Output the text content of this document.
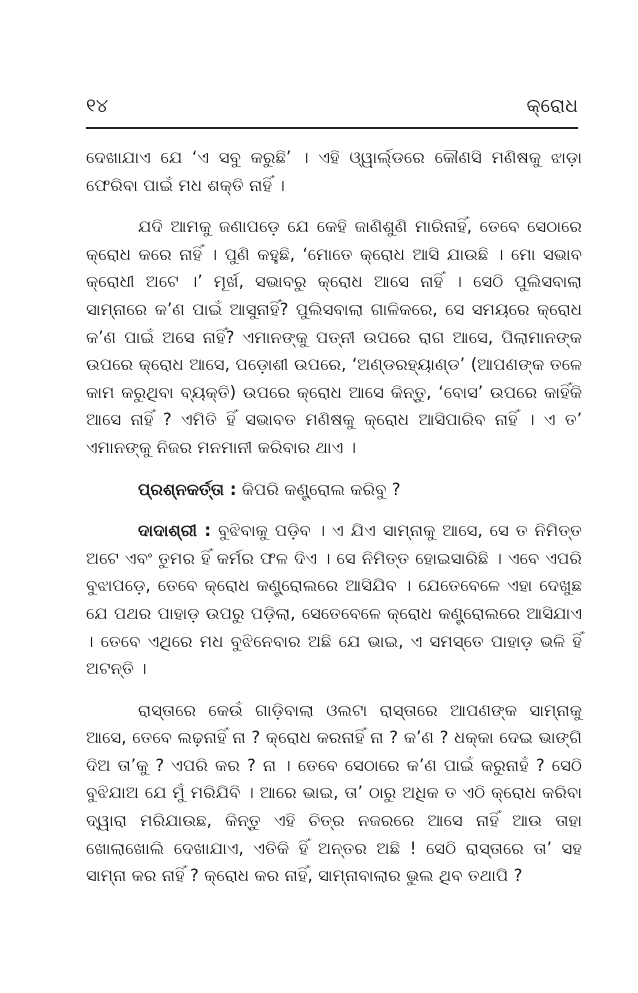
୧୪	କ୍ରୋଧ

ଦେଖାଯାଏ ଯେ ‘ଏ ସବୁ କରୁଛି’ । ଏହି ଓ୍ୱାର୍ଲ୍ଡରେ କୌଣସି ମଣିଷକୁ ଝାଡ଼ା ଫେରିବା ପାଇଁ ମଧ ଶକ୍ତି ନାହିଁ ।

ଯଦି ଆମକୁ ଜଣାପଡ଼େ ଯେ କେହି ଜାଣିଶୁଣି ମାରିନାହିଁ, ତେବେ ସେଠାରେ କ୍ରୋଧ କରେ ନାହିଁ । ପୁଣି କହୁଛି, ‘ମୋତେ କ୍ରୋଧ ଆସି ଯାଉଛି । ମୋ ସଭାବ କ୍ରୋଧୀ ଅଟେ ।’ ମୂର୍ଖ, ସଭାବରୁ କ୍ରୋଧ ଆସେ ନାହିଁ । ସେଠି ପୁଲିସବାଲା ସାମ୍ନାରେ କ’ଣ ପାଇଁ ଆସୁନାହିଁ? ପୁଲିସବାଲା ଗାଳିକରେ, ସେ ସମୟରେ କ୍ରୋଧ କ’ଣ ପାଇଁ ଅସେ ନାହିଁ? ଏମାନଙ୍କୁ ପତ୍ନୀ ଉପରେ ରାଗ ଆସେ, ପିଲାମାନଙ୍କ ଉପରେ କ୍ରୋଧ ଆସେ, ପଡ଼ୋଶୀ ଉପରେ, ‘ଅଣ୍ଡରହ୍ୟାଣ୍ଡ’ (ଆପଣଙ୍କ ତଳେ କାମ କରୁଥିବା ବ୍ୟକ୍ତି) ଉପରେ କ୍ରୋଧ ଆସେ କିନ୍ତୁ, ‘ବୋସ’ ଉପରେ କାହିଁକି ଆସେ ନାହିଁ ? ଏମିତି ହିଁ ସଭାବତ ମଣିଷକୁ କ୍ରୋଧ ଆସିପାରିବ ନାହିଁ । ଏ ତ’ ଏମାନଙ୍କୁ ନିଜର ମନମାନୀ କରିବାର ଥାଏ ।

ପ୍ରଶ୍ନକର୍ତ୍ତା : କିପରି କଣ୍ଟ୍ରୋଲ କରିବୁ ?

ଦାଦାଶ୍ରୀ : ବୁଝିବାକୁ ପଡ଼ିବ । ଏ ଯିଏ ସାମ୍ନାକୁ ଆସେ, ସେ ତ ନିମିତ୍ତ ଅଟେ ଏବଂ ତୁମର ହିଁ କର୍ମର ଫଳ ଦିଏ । ସେ ନିମିତ୍ତ ହୋଇସାରିଛି । ଏବେ ଏପରି ବୁଝାପଡ଼େ, ତେବେ କ୍ରୋଧ କଣ୍ଟ୍ରୋଲରେ ଆସିଯିବ । ଯେତେବେଳେ ଏହା ଦେଖୁଛ ଯେ ପଥର ପାହାଡ଼ ଉପରୁ ପଡ଼ିଲା, ସେତେବେଳେ କ୍ରୋଧ କଣ୍ଟ୍ରୋଲରେ ଆସିଯାଏ । ତେବେ ଏଥିରେ ମଧ ବୁଝିନେବାର ଅଛି ଯେ ଭାଇ, ଏ ସମସ୍ତେ ପାହାଡ଼ ଭଳି ହିଁ ଅଟନ୍ତି ।

ରାସ୍ତାରେ କେଉଁ ଗାଡ଼ିବାଲା ଓଲଟା ରାସ୍ତାରେ ଆପଣଙ୍କ ସାମ୍ନାକୁ ଆସେ, ତେବେ ଲଢ଼ନାହିଁ ନା ? କ୍ରୋଧ କରନାହିଁ ନା ? କ’ଣ ? ଧକ୍କା ଦେଇ ଭାଙ୍ଗି ଦିଅ ତା’କୁ ? ଏପରି କର ? ନା । ତେବେ ସେଠାରେ କ’ଣ ପାଇଁ କରୁନାହଁ ? ସେଠି ବୁଝିଯାଅ ଯେ ମୁଁ ମରିଯିବି । ଆରେ ଭାଇ, ତା’ ଠାରୁ ଅଧିକ ତ ଏଠି କ୍ରୋଧ କରିବା ଦ୍ୱାରା ମରିଯାଉଛ, କିନ୍ତୁ ଏହି ଚିତ୍ର ନଜରରେ ଆସେ ନାହିଁ ଆଉ ତାହା ଖୋଲାଖୋଲି ଦେଖାଯାଏ, ଏତିକି ହିଁ ଅନ୍ତର ଅଛି ! ସେଠି ରାସ୍ତାରେ ତା’ ସହ ସାମ୍ନା କର ନାହିଁ ? କ୍ରୋଧ କର ନାହିଁ, ସାମ୍ନାବାଲାର ଭୁଲ ଥିବ ତଥାପି ?
